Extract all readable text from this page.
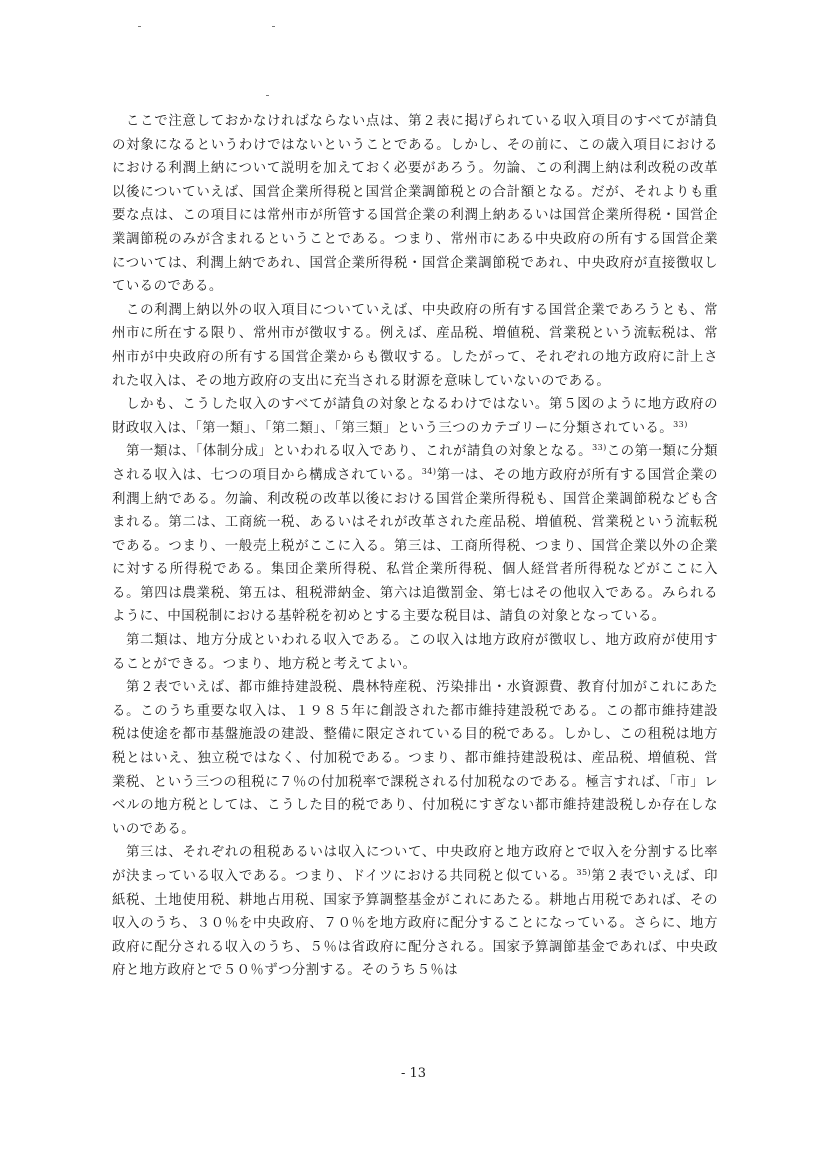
ここで注意しておかなければならない点は、第２表に掲げられている収入項目のすべてが請負の対象になるというわけではないということである。しかし、その前に、この歳入項目におけるにおける利潤上納について説明を加えておく必要があろう。勿論、この利潤上納は利改税の改革以後についていえば、国営企業所得税と国営企業調節税との合計額となる。だが、それよりも重要な点は、この項目には常州市が所管する国営企業の利潤上納あるいは国営企業所得税・国営企業調節税のみが含まれるということである。つまり、常州市にある中央政府の所有する国営企業については、利潤上納であれ、国営企業所得税・国営企業調節税であれ、中央政府が直接徴収しているのである。

この利潤上納以外の収入項目についていえば、中央政府の所有する国営企業であろうとも、常州市に所在する限り、常州市が徴収する。例えば、産品税、増値税、営業税という流転税は、常州市が中央政府の所有する国営企業からも徴収する。したがって、それぞれの地方政府に計上された収入は、その地方政府の支出に充当される財源を意味していないのである。

しかも、こうした収入のすべてが請負の対象となるわけではない。第５図のように地方政府の財政収入は、「第一類」、「第二類」、「第三類」という三つのカテゴリーに分類されている。$^{33)}$

第一類は、「体制分成」といわれる収入であり、これが請負の対象となる。$^{33)}$この第一類に分類される収入は、七つの項目から構成されている。$^{34)}$第一は、その地方政府が所有する国営企業の利潤上納である。勿論、利改税の改革以後における国営企業所得税も、国営企業調節税なども含まれる。第二は、工商統一税、あるいはそれが改革された産品税、増値税、営業税という流転税である。つまり、一般売上税がここに入る。第三は、工商所得税、つまり、国営企業以外の企業に対する所得税である。集団企業所得税、私営企業所得税、個人経営者所得税などがここに入る。第四は農業税、第五は、租税滞納金、第六は追徴罰金、第七はその他収入である。みられるように、中国税制における基幹税を初めとする主要な税目は、請負の対象となっている。

第二類は、地方分成といわれる収入である。この収入は地方政府が徴収し、地方政府が使用することができる。つまり、地方税と考えてよい。

第２表でいえば、都市維持建設税、農林特産税、汚染排出・水資源費、教育付加がこれにあたる。このうち重要な収入は、１９８５年に創設された都市維持建設税である。この都市維持建設税は使途を都市基盤施設の建設、整備に限定されている目的税である。しかし、この租税は地方税とはいえ、独立税ではなく、付加税である。つまり、都市維持建設税は、産品税、増値税、営業税、という三つの租税に７％の付加税率で課税される付加税なのである。極言すれば、「市」レベルの地方税としては、こうした目的税であり、付加税にすぎない都市維持建設税しか存在しないのである。

第三は、それぞれの租税あるいは収入について、中央政府と地方政府とで収入を分割する比率が決まっている収入である。つまり、ドイツにおける共同税と似ている。$^{35)}$第２表でいえば、印紙税、土地使用税、耕地占用税、国家予算調整基金がこれにあたる。耕地占用税であれば、その収入のうち、３０％を中央政府、７０％を地方政府に配分することになっている。さらに、地方政府に配分される収入のうち、５％は省政府に配分される。国家予算調節基金であれば、中央政府と地方政府とで５０％ずつ分割する。そのうち５％は

- 13
